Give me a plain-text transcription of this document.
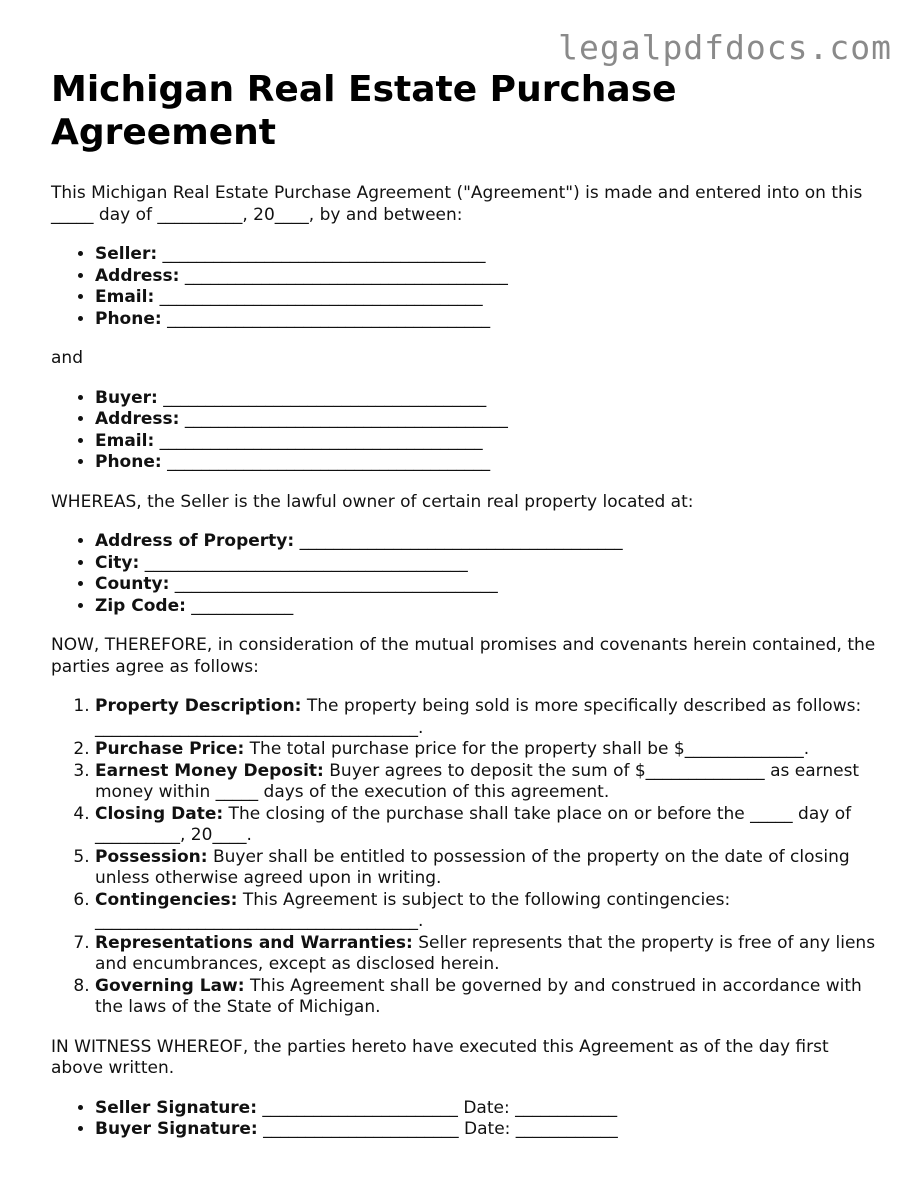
legalpdfdocs.com
Michigan Real Estate Purchase Agreement

This Michigan Real Estate Purchase Agreement ("Agreement") is made and entered into on this _____ day of __________, 20____, by and between:

• Seller: ______________________________________
• Address: ______________________________________
• Email: ______________________________________
• Phone: ______________________________________

and

• Buyer: ______________________________________
• Address: ______________________________________
• Email: ______________________________________
• Phone: ______________________________________

WHEREAS, the Seller is the lawful owner of certain real property located at:

• Address of Property: ______________________________________
• City: ______________________________________
• County: ______________________________________
• Zip Code: ____________

NOW, THEREFORE, in consideration of the mutual promises and covenants herein contained, the parties agree as follows:

1. Property Description: The property being sold is more specifically described as follows: ______________________________________.
2. Purchase Price: The total purchase price for the property shall be $______________.
3. Earnest Money Deposit: Buyer agrees to deposit the sum of $______________ as earnest money within _____ days of the execution of this agreement.
4. Closing Date: The closing of the purchase shall take place on or before the _____ day of __________, 20____.
5. Possession: Buyer shall be entitled to possession of the property on the date of closing unless otherwise agreed upon in writing.
6. Contingencies: This Agreement is subject to the following contingencies: ______________________________________.
7. Representations and Warranties: Seller represents that the property is free of any liens and encumbrances, except as disclosed herein.
8. Governing Law: This Agreement shall be governed by and construed in accordance with the laws of the State of Michigan.

IN WITNESS WHEREOF, the parties hereto have executed this Agreement as of the day first above written.

• Seller Signature: _______________________ Date: ____________
• Buyer Signature: _______________________ Date: ____________
